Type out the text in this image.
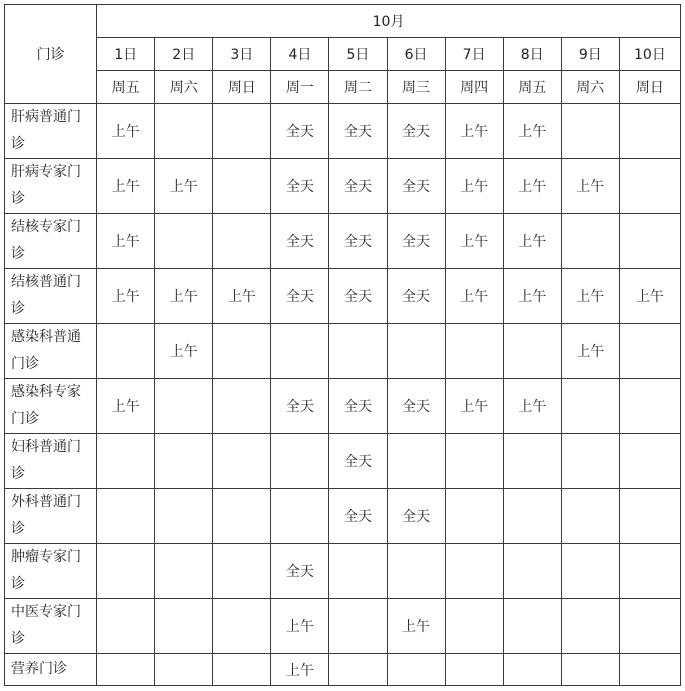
门诊	10月									
	1日	2日	3日	4日	5日	6日	7日	8日	9日	10日
	周五	周六	周日	周一	周二	周三	周四	周五	周六	周日
肝病普通门诊	上午			全天	全天	全天	上午	上午		
肝病专家门诊	上午	上午		全天	全天	全天	上午	上午	上午	
结核专家门诊	上午			全天	全天	全天	上午	上午		
结核普通门诊	上午	上午	上午	全天	全天	全天	上午	上午	上午	上午
感染科普通门诊		上午							上午	
感染科专家门诊	上午			全天	全天	全天	上午	上午		
妇科普通门诊					全天					
外科普通门诊					全天	全天				
肿瘤专家门诊				全天						
中医专家门诊				上午		上午				
营养门诊				上午						
